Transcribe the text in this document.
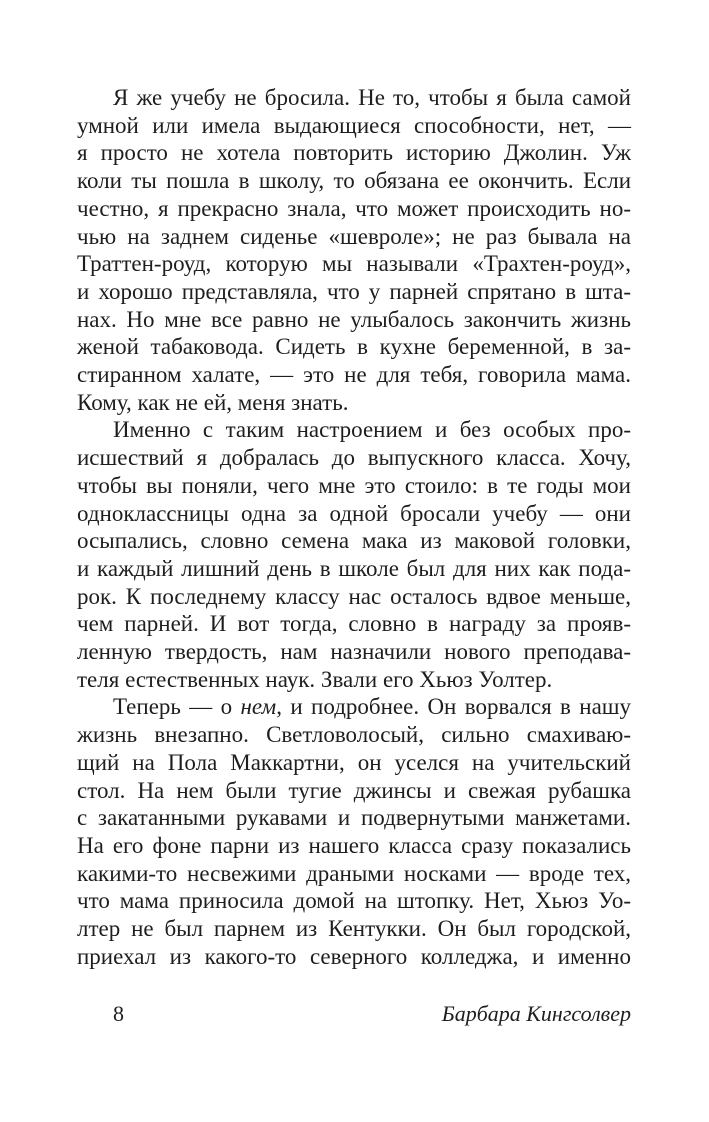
Я же учебу не бросила. Не то, чтобы я была самой
умной или имела выдающиеся способности, нет, —
я просто не хотела повторить историю Джолин. Уж
коли ты пошла в школу, то обязана ее окончить. Если
честно, я прекрасно знала, что может происходить но-
чью на заднем сиденье «шевроле»; не раз бывала на
Траттен-роуд, которую мы называли «Трахтен-роуд»,
и хорошо представляла, что у парней спрятано в шта-
нах. Но мне все равно не улыбалось закончить жизнь
женой табаковода. Сидеть в кухне беременной, в за-
стиранном халате, — это не для тебя, говорила мама.
Кому, как не ей, меня знать.
Именно с таким настроением и без особых про-
исшествий я добралась до выпускного класса. Хочу,
чтобы вы поняли, чего мне это стоило: в те годы мои
одноклассницы одна за одной бросали учебу — они
осыпались, словно семена мака из маковой головки,
и каждый лишний день в школе был для них как пода-
рок. К последнему классу нас осталось вдвое меньше,
чем парней. И вот тогда, словно в награду за прояв-
ленную твердость, нам назначили нового преподава-
теля естественных наук. Звали его Хьюз Уолтер.
Теперь — о нем, и подробнее. Он ворвался в нашу
жизнь внезапно. Светловолосый, сильно смахиваю-
щий на Пола Маккартни, он уселся на учительский
стол. На нем были тугие джинсы и свежая рубашка
с закатанными рукавами и подвернутыми манжетами.
На его фоне парни из нашего класса сразу показались
какими-то несвежими драными носками — вроде тех,
что мама приносила домой на штопку. Нет, Хьюз Уо-
лтер не был парнем из Кентукки. Он был городской,
приехал из какого-то северного колледжа, и именно
8	Барбара Кингсолвер
